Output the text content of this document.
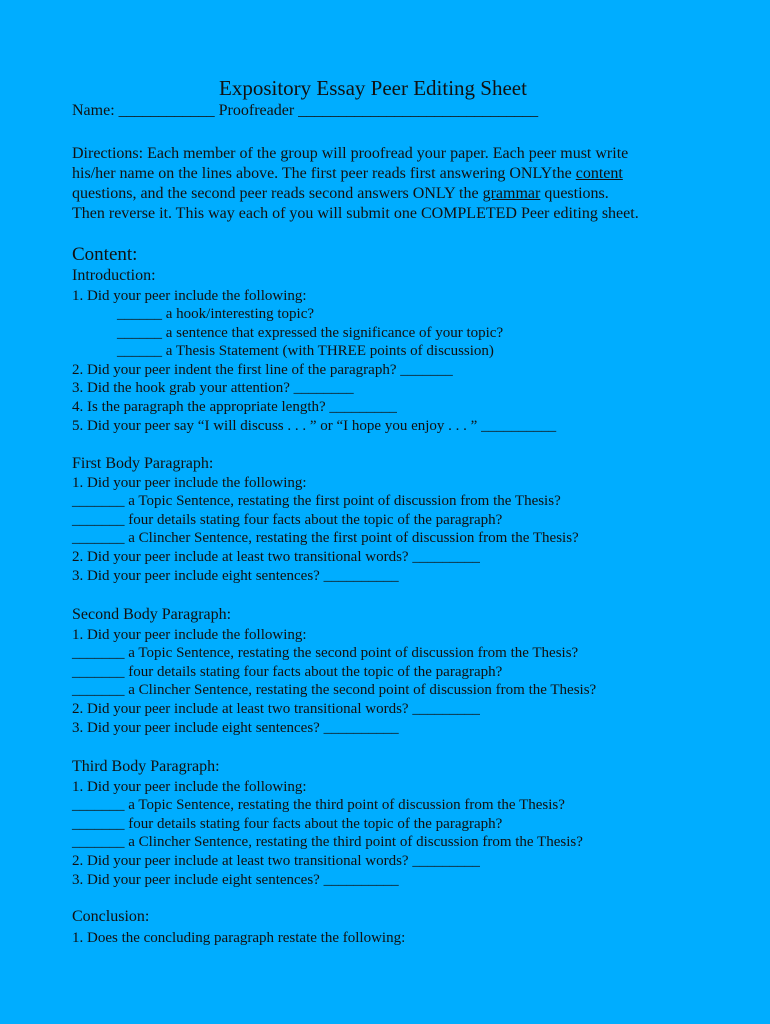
Expository Essay Peer Editing Sheet
Name: ____________ Proofreader ______________________________
Directions: Each member of the group will proofread your paper. Each peer must write
his/her name on the lines above. The first peer reads first answering ONLYthe content
questions, and the second peer reads second answers ONLY the grammar questions.
Then reverse it. This way each of you will submit one COMPLETED Peer editing sheet.
Content:
Introduction:
1. Did your peer include the following:
______ a hook/interesting topic?
______ a sentence that expressed the significance of your topic?
______ a Thesis Statement (with THREE points of discussion)
2. Did your peer indent the first line of the paragraph? _______
3. Did the hook grab your attention? ________
4. Is the paragraph the appropriate length? _________
5. Did your peer say “I will discuss . . . ” or “I hope you enjoy . . . ” __________
First Body Paragraph:
1. Did your peer include the following:
_______ a Topic Sentence, restating the first point of discussion from the Thesis?
_______ four details stating four facts about the topic of the paragraph?
_______ a Clincher Sentence, restating the first point of discussion from the Thesis?
2. Did your peer include at least two transitional words? _________
3. Did your peer include eight sentences? __________
Second Body Paragraph:
1. Did your peer include the following:
_______ a Topic Sentence, restating the second point of discussion from the Thesis?
_______ four details stating four facts about the topic of the paragraph?
_______ a Clincher Sentence, restating the second point of discussion from the Thesis?
2. Did your peer include at least two transitional words? _________
3. Did your peer include eight sentences? __________
Third Body Paragraph:
1. Did your peer include the following:
_______ a Topic Sentence, restating the third point of discussion from the Thesis?
_______ four details stating four facts about the topic of the paragraph?
_______ a Clincher Sentence, restating the third point of discussion from the Thesis?
2. Did your peer include at least two transitional words? _________
3. Did your peer include eight sentences? __________
Conclusion:
1. Does the concluding paragraph restate the following:
